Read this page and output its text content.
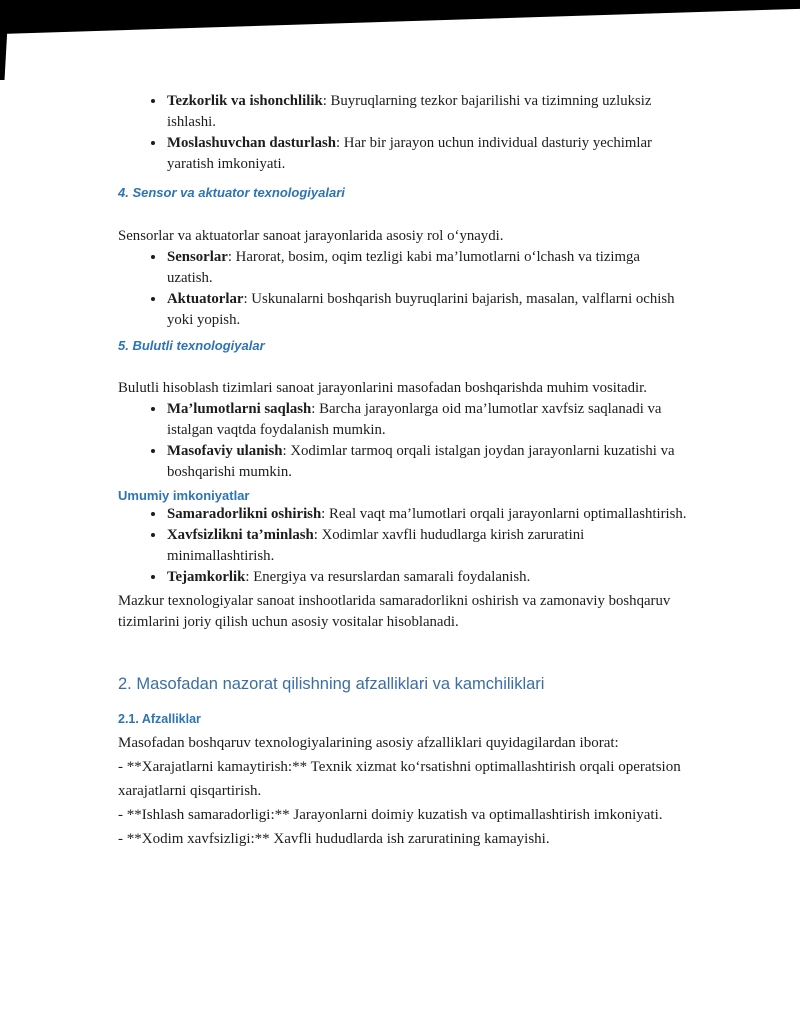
• Tezkorlik va ishonchlilik: Buyruqlarning tezkor bajarilishi va tizimning uzluksiz ishlashi.
• Moslashuvchan dasturlash: Har bir jarayon uchun individual dasturiy yechimlar yaratish imkoniyati.
4. Sensor va aktuator texnologiyalari

Sensorlar va aktuatorlar sanoat jarayonlarida asosiy rol o‘ynaydi.

• Sensorlar: Harorat, bosim, oqim tezligi kabi ma’lumotlarni o‘lchash va tizimga uzatish.
• Aktuatorlar: Uskunalarni boshqarish buyruqlarini bajarish, masalan, valflarni ochish yoki yopish.
5. Bulutli texnologiyalar

Bulutli hisoblash tizimlari sanoat jarayonlarini masofadan boshqarishda muhim vositadir.

• Ma’lumotlarni saqlash: Barcha jarayonlarga oid ma’lumotlar xavfsiz saqlanadi va istalgan vaqtda foydalanish mumkin.
• Masofaviy ulanish: Xodimlar tarmoq orqali istalgan joydan jarayonlarni kuzatishi va boshqarishi mumkin.
Umumiy imkoniyatlar
• Samaradorlikni oshirish: Real vaqt ma’lumotlari orqali jarayonlarni optimallashtirish.
• Xavfsizlikni ta’minlash: Xodimlar xavfli hududlarga kirish zaruratini minimallashtirish.
• Tejamkorlik: Energiya va resurslardan samarali foydalanish.

Mazkur texnologiyalar sanoat inshootlarida samaradorlikni oshirish va zamonaviy boshqaruv tizimlarini joriy qilish uchun asosiy vositalar hisoblanadi.

2. Masofadan nazorat qilishning afzalliklari va kamchiliklari
2.1. Afzalliklar
Masofadan boshqaruv texnologiyalarining asosiy afzalliklari quyidagilardan iborat:
- **Xarajatlarni kamaytirish:** Texnik xizmat ko‘rsatishni optimallashtirish orqali operatsion xarajatlarni qisqartirish.
- **Ishlash samaradorligi:** Jarayonlarni doimiy kuzatish va optimallashtirish imkoniyati.
- **Xodim xavfsizligi:** Xavfli hududlarda ish zaruratining kamayishi.
